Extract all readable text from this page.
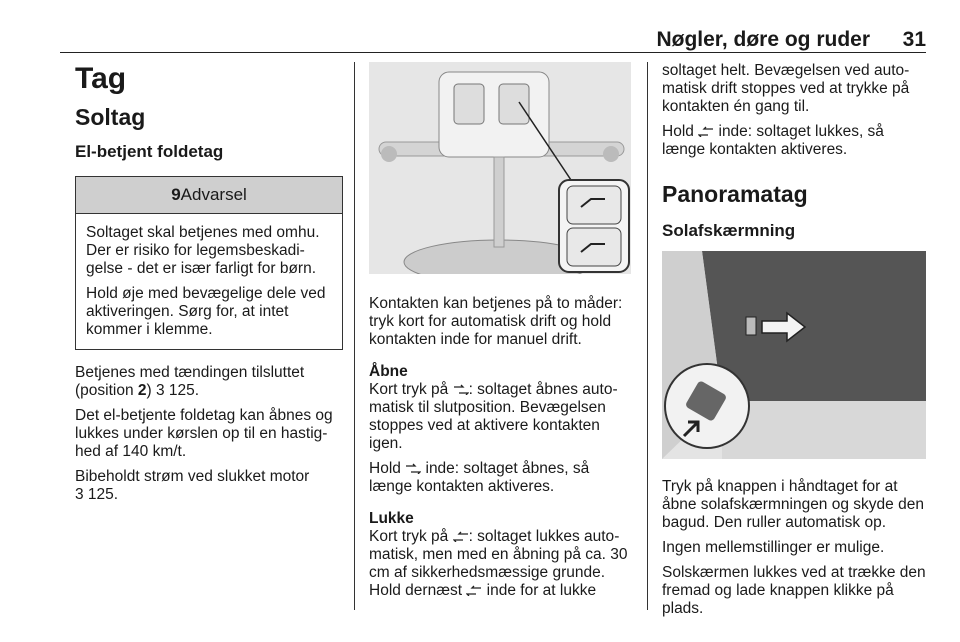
Nøgler, døre og ruder 31
Tag
Soltag
El-betjent foldetag
9Advarsel

Soltaget skal betjenes med omhu. Der er risiko for legemsbeskadigelse - det er især farligt for børn.

Hold øje med bevægelige dele ved aktiveringen. Sørg for, at intet kommer i klemme.

Betjenes med tændingen tilsluttet (position 2) 3 125.

Det el-betjente foldetag kan åbnes og lukkes under kørslen op til en hastighed af 140 km/t.

Bibeholdt strøm ved slukket motor
3 125.

Kontakten kan betjenes på to måder: tryk kort for automatisk drift og hold kontakten inde for manuel drift.

Åbne

Kort tryk på : soltaget åbnes automatisk til slutposition. Bevægelsen stoppes ved at aktivere kontakten igen.

Hold  inde: soltaget åbnes, så længe kontakten aktiveres.

Lukke

Kort tryk på : soltaget lukkes automatisk, men med en åbning på ca. 30 cm af sikkerhedsmæssige grunde. Hold dernæst  inde for at lukke

soltaget helt. Bevægelsen ved automatisk drift stoppes ved at trykke på kontakten én gang til.

Hold  inde: soltaget lukkes, så længe kontakten aktiveres.

Panoramatag
Solafskærmning

Tryk på knappen i håndtaget for at åbne solafskærmningen og skyde den bagud. Den ruller automatisk op.

Ingen mellemstillinger er mulige.

Solskærmen lukkes ved at trække den fremad og lade knappen klikke på plads.
